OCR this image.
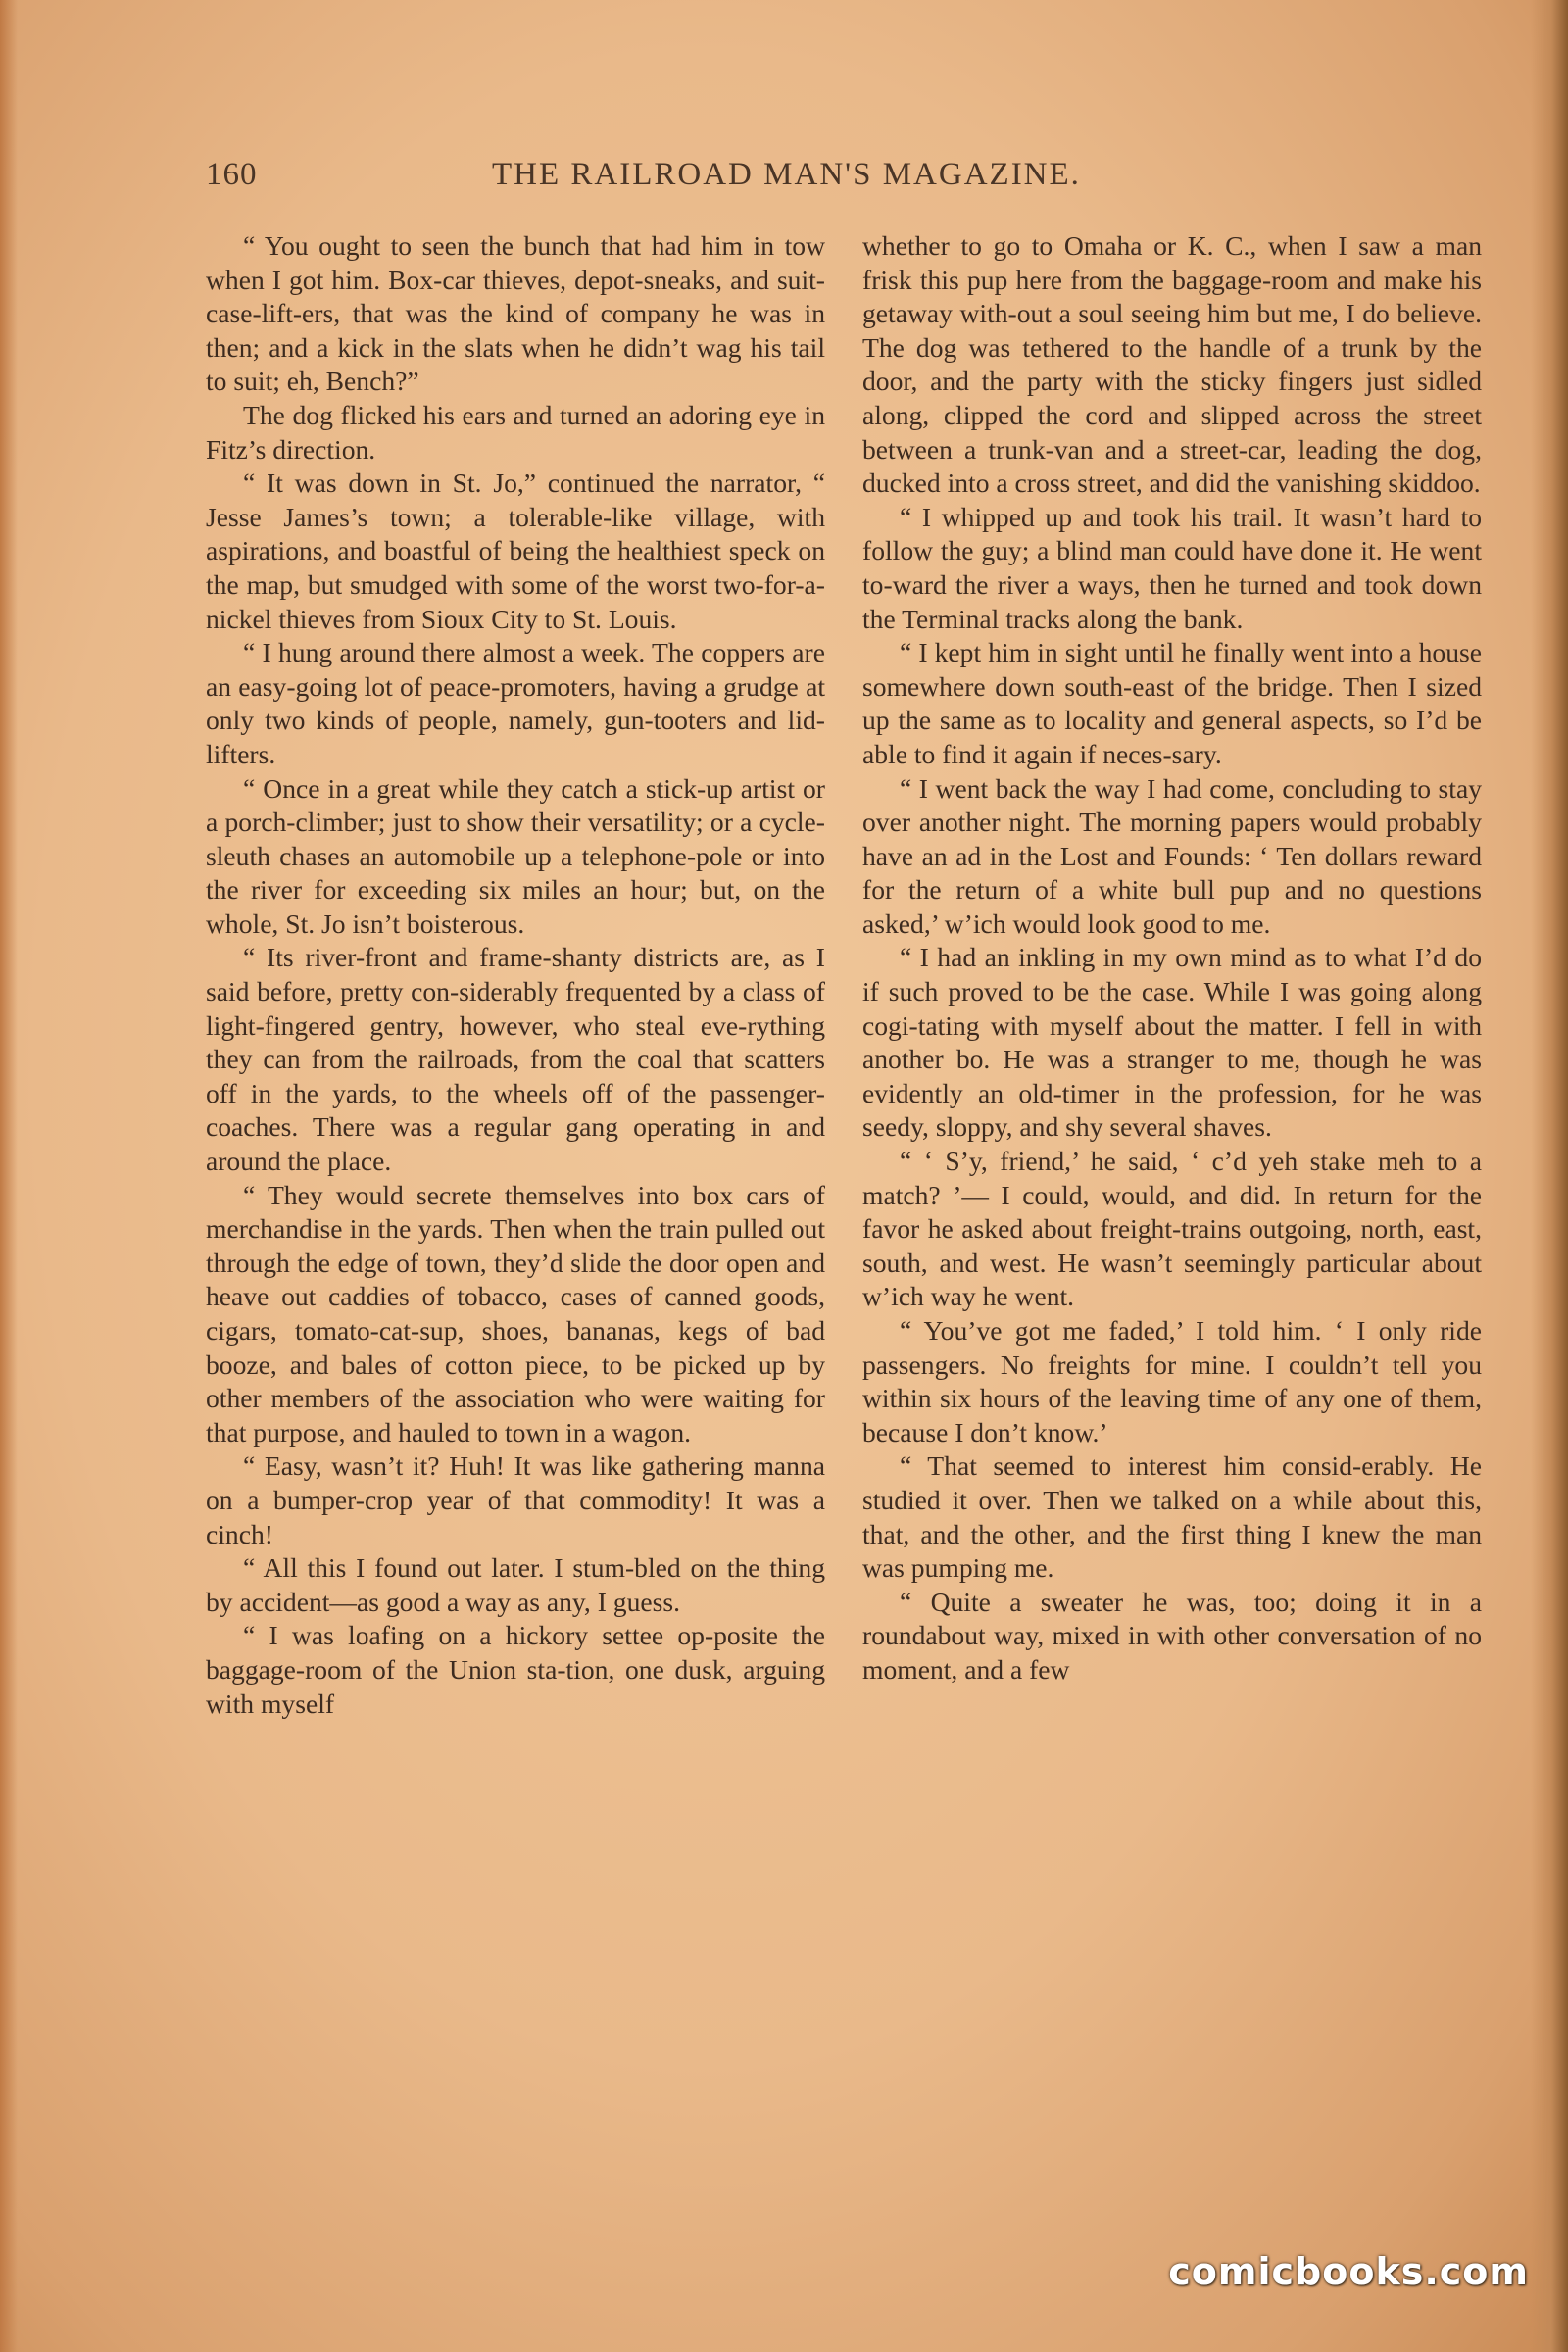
160	THE RAILROAD MAN'S MAGAZINE.

“ You ought to seen the bunch that had him in tow when I got him. Box-car thieves, depot-sneaks, and suit-case-lift-ers, that was the kind of company he was in then; and a kick in the slats when he didn’t wag his tail to suit; eh, Bench?”

The dog flicked his ears and turned an adoring eye in Fitz’s direction.

“ It was down in St. Jo,” continued the narrator, “ Jesse James’s town; a tolerable-like village, with aspirations, and boastful of being the healthiest speck on the map, but smudged with some of the worst two-for-a-nickel thieves from Sioux City to St. Louis.

“ I hung around there almost a week. The coppers are an easy-going lot of peace-promoters, having a grudge at only two kinds of people, namely, gun-tooters and lid-lifters.

“ Once in a great while they catch a stick-up artist or a porch-climber; just to show their versatility; or a cycle-sleuth chases an automobile up a telephone-pole or into the river for exceeding six miles an hour; but, on the whole, St. Jo isn’t boisterous.

“ Its river-front and frame-shanty districts are, as I said before, pretty con-siderably frequented by a class of light-fingered gentry, however, who steal eve-rything they can from the railroads, from the coal that scatters off in the yards, to the wheels off of the passenger-coaches. There was a regular gang operating in and around the place.

“ They would secrete themselves into box cars of merchandise in the yards. Then when the train pulled out through the edge of town, they’d slide the door open and heave out caddies of tobacco, cases of canned goods, cigars, tomato-cat-sup, shoes, bananas, kegs of bad booze, and bales of cotton piece, to be picked up by other members of the association who were waiting for that purpose, and hauled to town in a wagon.

“ Easy, wasn’t it? Huh! It was like gathering manna on a bumper-crop year of that commodity! It was a cinch!

“ All this I found out later. I stum-bled on the thing by accident—as good a way as any, I guess.

“ I was loafing on a hickory settee op-posite the baggage-room of the Union sta-tion, one dusk, arguing with myself

whether to go to Omaha or K. C., when I saw a man frisk this pup here from the baggage-room and make his getaway with-out a soul seeing him but me, I do believe. The dog was tethered to the handle of a trunk by the door, and the party with the sticky fingers just sidled along, clipped the cord and slipped across the street between a trunk-van and a street-car, leading the dog, ducked into a cross street, and did the vanishing skiddoo.

“ I whipped up and took his trail. It wasn’t hard to follow the guy; a blind man could have done it. He went to-ward the river a ways, then he turned and took down the Terminal tracks along the bank.

“ I kept him in sight until he finally went into a house somewhere down south-east of the bridge. Then I sized up the same as to locality and general aspects, so I’d be able to find it again if neces-sary.

“ I went back the way I had come, concluding to stay over another night. The morning papers would probably have an ad in the Lost and Founds: ‘ Ten dollars reward for the return of a white bull pup and no questions asked,’ w’ich would look good to me.

“ I had an inkling in my own mind as to what I’d do if such proved to be the case. While I was going along cogi-tating with myself about the matter. I fell in with another bo. He was a stranger to me, though he was evidently an old-timer in the profession, for he was seedy, sloppy, and shy several shaves.

“ ‘ S’y, friend,’ he said, ‘ c’d yeh stake meh to a match? ’— I could, would, and did. In return for the favor he asked about freight-trains outgoing, north, east, south, and west. He wasn’t seemingly particular about w’ich way he went.

“ You’ve got me faded,’ I told him. ‘ I only ride passengers. No freights for mine. I couldn’t tell you within six hours of the leaving time of any one of them, because I don’t know.’

“ That seemed to interest him consid-erably. He studied it over. Then we talked on a while about this, that, and the other, and the first thing I knew the man was pumping me.

“ Quite a sweater he was, too; doing it in a roundabout way, mixed in with other conversation of no moment, and a few

comicbooks.com
